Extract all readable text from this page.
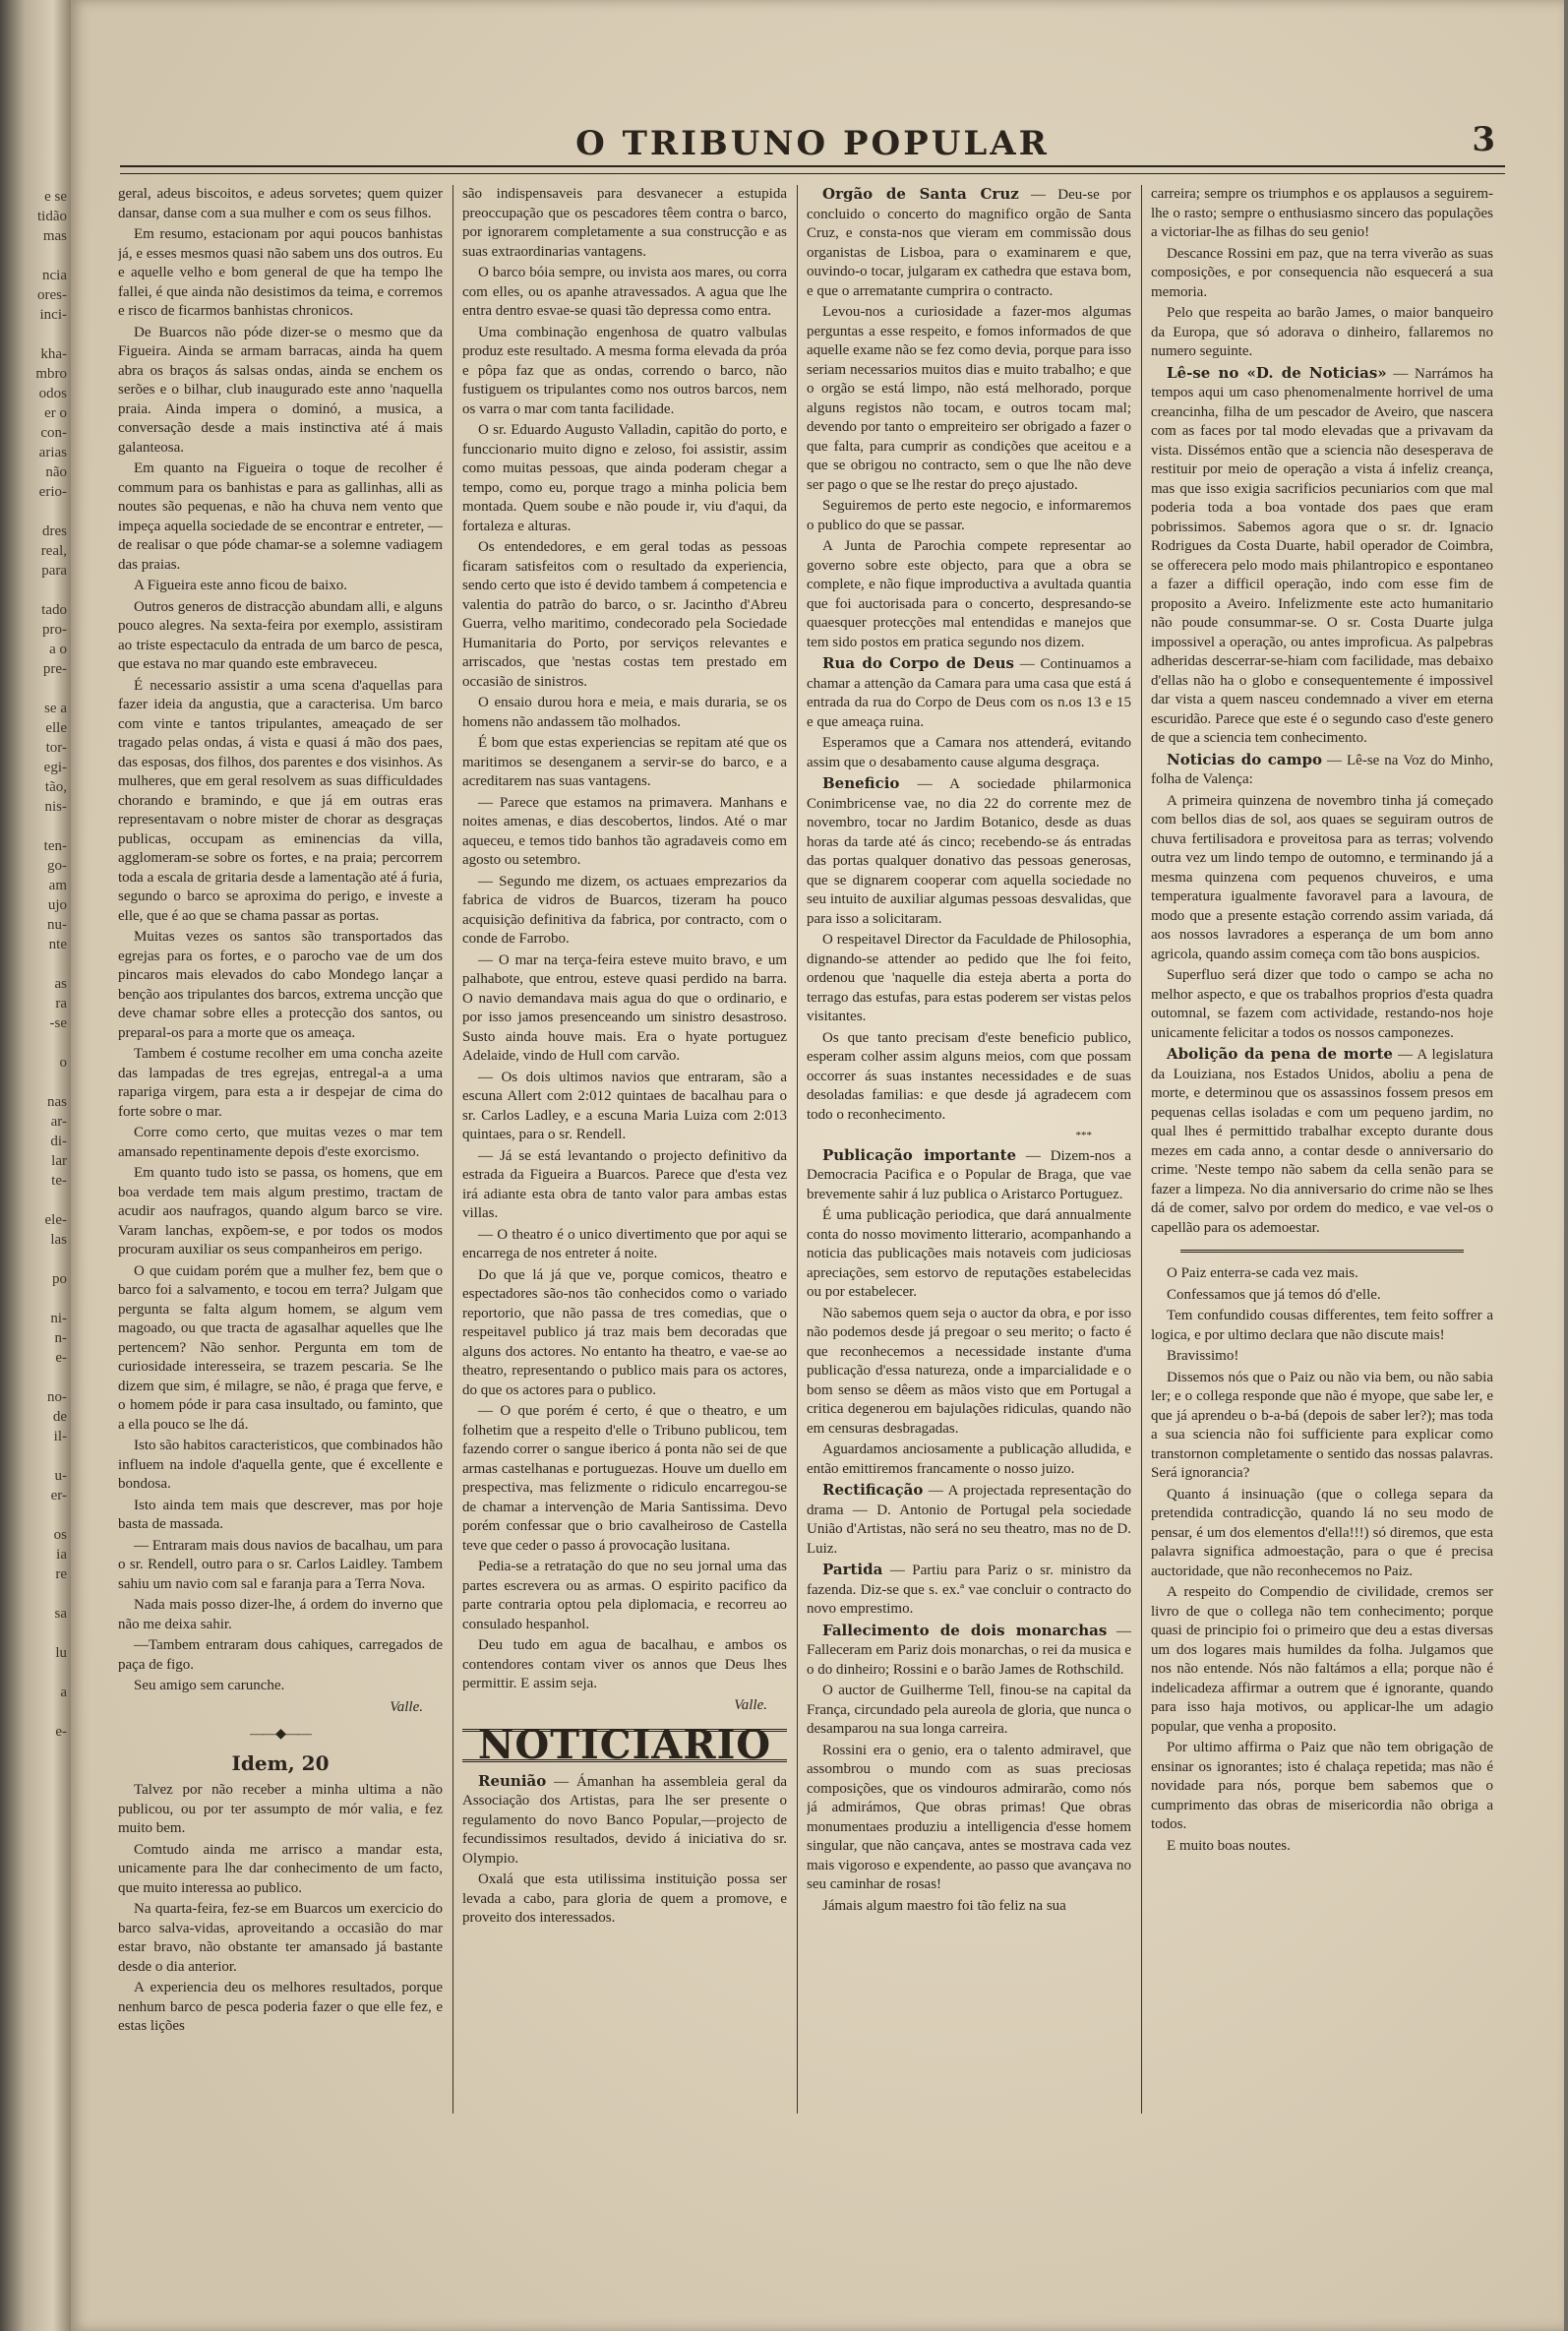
e se
tidão
mas

ncia
ores-
inci-

kha-
mbro
odos
er o
con-
arias
não
erio-

dres
real,
para

tado
pro-
a o
pre-

se a
elle
tor-
egi-
tão,
nis-

ten-
go-
am
ujo
nu-
nte

as
ra
-se

o

nas
ar-
di-
lar
te-

ele-
las

po

ni-
n-
e-

no-
de
il-

u-
er-

os
ia
re

sa

lu

a

e-
O TRIBUNO POPULAR	3

geral, adeus biscoitos, e adeus sorvetes; quem quizer dansar, danse com a sua mulher e com os seus filhos.

Em resumo, estacionam por aqui poucos banhistas já, e esses mesmos quasi não sabem uns dos outros. Eu e aquelle velho e bom general de que ha tempo lhe fallei, é que ainda não desistimos da teima, e corremos e risco de ficarmos banhistas chronicos.

De Buarcos não póde dizer-se o mesmo que da Figueira. Ainda se armam barracas, ainda ha quem abra os braços ás salsas ondas, ainda se enchem os serões e o bilhar, club inaugurado este anno 'naquella praia. Ainda impera o dominó, a musica, a conversação desde a mais instinctiva até á mais galanteosa.

Em quanto na Figueira o toque de recolher é commum para os banhistas e para as gallinhas, alli as noutes são pequenas, e não ha chuva nem vento que impeça aquella sociedade de se encontrar e entreter, — de realisar o que póde chamar-se a solemne vadiagem das praias.

A Figueira este anno ficou de baixo.

Outros generos de distracção abundam alli, e alguns pouco alegres. Na sexta-feira por exemplo, assistiram ao triste espectaculo da entrada de um barco de pesca, que estava no mar quando este embraveceu.

É necessario assistir a uma scena d'aquellas para fazer ideia da angustia, que a caracterisa. Um barco com vinte e tantos tripulantes, ameaçado de ser tragado pelas ondas, á vista e quasi á mão dos paes, das esposas, dos filhos, dos parentes e dos visinhos. As mulheres, que em geral resolvem as suas difficuldades chorando e bramindo, e que já em outras eras representavam o nobre mister de chorar as desgraças publicas, occupam as eminencias da villa, agglomeram-se sobre os fortes, e na praia; percorrem toda a escala de gritaria desde a lamentação até á furia, segundo o barco se aproxima do perigo, e investe a elle, que é ao que se chama passar as portas.

Muitas vezes os santos são transportados das egrejas para os fortes, e o parocho vae de um dos pincaros mais elevados do cabo Mondego lançar a benção aos tripulantes dos barcos, extrema uncção que deve chamar sobre elles a protecção dos santos, ou preparal-os para a morte que os ameaça.

Tambem é costume recolher em uma concha azeite das lampadas de tres egrejas, entregal-a a uma rapariga virgem, para esta a ir despejar de cima do forte sobre o mar.

Corre como certo, que muitas vezes o mar tem amansado repentinamente depois d'este exorcismo.

Em quanto tudo isto se passa, os homens, que em boa verdade tem mais algum prestimo, tractam de acudir aos naufragos, quando algum barco se vire. Varam lanchas, expõem-se, e por todos os modos procuram auxiliar os seus companheiros em perigo.

O que cuidam porém que a mulher fez, bem que o barco foi a salvamento, e tocou em terra? Julgam que pergunta se falta algum homem, se algum vem magoado, ou que tracta de agasalhar aquelles que lhe pertencem? Não senhor. Pergunta em tom de curiosidade interesseira, se trazem pescaria. Se lhe dizem que sim, é milagre, se não, é praga que ferve, e o homem póde ir para casa insultado, ou faminto, que a ella pouco se lhe dá.

Isto são habitos caracteristicos, que combinados hão influem na indole d'aquella gente, que é excellente e bondosa.

Isto ainda tem mais que descrever, mas por hoje basta de massada.

— Entraram mais dous navios de bacalhau, um para o sr. Rendell, outro para o sr. Carlos Laidley. Tambem sahiu um navio com sal e faranja para a Terra Nova.

Nada mais posso dizer-lhe, á ordem do inverno que não me deixa sahir.

—Tambem entraram dous cahiques, carregados de paça de figo.

Seu amigo sem carunche.

Valle.
——◆——
Idem, 20

Talvez por não receber a minha ultima a não publicou, ou por ter assumpto de mór valia, e fez muito bem.

Comtudo ainda me arrisco a mandar esta, unicamente para lhe dar conhecimento de um facto, que muito interessa ao publico.

Na quarta-feira, fez-se em Buarcos um exercicio do barco salva-vidas, aproveitando a occasião do mar estar bravo, não obstante ter amansado já bastante desde o dia anterior.

A experiencia deu os melhores resultados, porque nenhum barco de pesca poderia fazer o que elle fez, e estas lições

são indispensaveis para desvanecer a estupida preoccupação que os pescadores têem contra o barco, por ignorarem completamente a sua construcção e as suas extraordinarias vantagens.

O barco bóia sempre, ou invista aos mares, ou corra com elles, ou os apanhe atravessados. A agua que lhe entra dentro esvae-se quasi tão depressa como entra.

Uma combinação engenhosa de quatro valbulas produz este resultado. A mesma forma elevada da próa e pôpa faz que as ondas, correndo o barco, não fustiguem os tripulantes como nos outros barcos, nem os varra o mar com tanta facilidade.

O sr. Eduardo Augusto Valladin, capitão do porto, e funccionario muito digno e zeloso, foi assistir, assim como muitas pessoas, que ainda poderam chegar a tempo, como eu, porque trago a minha policia bem montada. Quem soube e não poude ir, viu d'aqui, da fortaleza e alturas.

Os entendedores, e em geral todas as pessoas ficaram satisfeitos com o resultado da experiencia, sendo certo que isto é devido tambem á competencia e valentia do patrão do barco, o sr. Jacintho d'Abreu Guerra, velho maritimo, condecorado pela Sociedade Humanitaria do Porto, por serviços relevantes e arriscados, que 'nestas costas tem prestado em occasião de sinistros.

O ensaio durou hora e meia, e mais duraria, se os homens não andassem tão molhados.

É bom que estas experiencias se repitam até que os maritimos se desenganem a servir-se do barco, e a acreditarem nas suas vantagens.

— Parece que estamos na primavera. Manhans e noites amenas, e dias descobertos, lindos. Até o mar aqueceu, e temos tido banhos tão agradaveis como em agosto ou setembro.

— Segundo me dizem, os actuaes emprezarios da fabrica de vidros de Buarcos, tizeram ha pouco acquisição definitiva da fabrica, por contracto, com o conde de Farrobo.

— O mar na terça-feira esteve muito bravo, e um palhabote, que entrou, esteve quasi perdido na barra. O navio demandava mais agua do que o ordinario, e por isso jamos presenceando um sinistro desastroso. Susto ainda houve mais. Era o hyate portuguez Adelaide, vindo de Hull com carvão.

— Os dois ultimos navios que entraram, são a escuna Allert com 2:012 quintaes de bacalhau para o sr. Carlos Ladley, e a escuna Maria Luiza com 2:013 quintaes, para o sr. Rendell.

— Já se está levantando o projecto definitivo da estrada da Figueira a Buarcos. Parece que d'esta vez irá adiante esta obra de tanto valor para ambas estas villas.

— O theatro é o unico divertimento que por aqui se encarrega de nos entreter á noite.

Do que lá já que ve, porque comicos, theatro e espectadores são-nos tão conhecidos como o variado reportorio, que não passa de tres comedias, que o respeitavel publico já traz mais bem decoradas que alguns dos actores. No entanto ha theatro, e vae-se ao theatro, representando o publico mais para os actores, do que os actores para o publico.

— O que porém é certo, é que o theatro, e um folhetim que a respeito d'elle o Tribuno publicou, tem fazendo correr o sangue iberico á ponta não sei de que armas castelhanas e portuguezas. Houve um duello em prespectiva, mas felizmente o ridiculo encarregou-se de chamar a intervenção de Maria Santissima. Devo porém confessar que o brio cavalheiroso de Castella teve que ceder o passo á provocação lusitana.

Pedia-se a retratação do que no seu jornal uma das partes escrevera ou as armas. O espirito pacifico da parte contraria optou pela diplomacia, e recorreu ao consulado hespanhol.

Deu tudo em agua de bacalhau, e ambos os contendores contam viver os annos que Deus lhes permittir. E assim seja.

Valle.
NOTICIARIO

Reunião — Ámanhan ha assembleia geral da Associação dos Artistas, para lhe ser presente o regulamento do novo Banco Popular,—projecto de fecundissimos resultados, devido á iniciativa do sr. Olympio.

Oxalá que esta utilissima instituição possa ser levada a cabo, para gloria de quem a promove, e proveito dos interessados.

Orgão de Santa Cruz — Deu-se por concluido o concerto do magnifico orgão de Santa Cruz, e consta-nos que vieram em commissão dous organistas de Lisboa, para o examinarem e que, ouvindo-o tocar, julgaram ex cathedra que estava bom, e que o arrematante cumprira o contracto.

Levou-nos a curiosidade a fazer-mos algumas perguntas a esse respeito, e fomos informados de que aquelle exame não se fez como devia, porque para isso seriam necessarios muitos dias e muito trabalho; e que o orgão se está limpo, não está melhorado, porque alguns registos não tocam, e outros tocam mal; devendo por tanto o empreiteiro ser obrigado a fazer o que falta, para cumprir as condições que aceitou e a que se obrigou no contracto, sem o que lhe não deve ser pago o que se lhe restar do preço ajustado.

Seguiremos de perto este negocio, e informaremos o publico do que se passar.

A Junta de Parochia compete representar ao governo sobre este objecto, para que a obra se complete, e não fique improductiva a avultada quantia que foi auctorisada para o concerto, despresando-se quaesquer protecções mal entendidas e manejos que tem sido postos em pratica segundo nos dizem.

Rua do Corpo de Deus — Continuamos a chamar a attenção da Camara para uma casa que está á entrada da rua do Corpo de Deus com os n.os 13 e 15 e que ameaça ruina.

Esperamos que a Camara nos attenderá, evitando assim que o desabamento cause alguma desgraça.

Beneficio — A sociedade philarmonica Conimbricense vae, no dia 22 do corrente mez de novembro, tocar no Jardim Botanico, desde as duas horas da tarde até ás cinco; recebendo-se ás entradas das portas qualquer donativo das pessoas generosas, que se dignarem cooperar com aquella sociedade no seu intuito de auxiliar algumas pessoas desvalidas, que para isso a solicitaram.

O respeitavel Director da Faculdade de Philosophia, dignando-se attender ao pedido que lhe foi feito, ordenou que 'naquelle dia esteja aberta a porta do terrago das estufas, para estas poderem ser vistas pelos visitantes.

Os que tanto precisam d'este beneficio publico, esperam colher assim alguns meios, com que possam occorrer ás suas instantes necessidades e de suas desoladas familias: e que desde já agradecem com todo o reconhecimento.

***

Publicação importante — Dizem-nos a Democracia Pacifica e o Popular de Braga, que vae brevemente sahir á luz publica o Aristarco Portuguez.

É uma publicação periodica, que dará annualmente conta do nosso movimento litterario, acompanhando a noticia das publicações mais notaveis com judiciosas apreciações, sem estorvo de reputações estabelecidas ou por estabelecer.

Não sabemos quem seja o auctor da obra, e por isso não podemos desde já pregoar o seu merito; o facto é que reconhecemos a necessidade instante d'uma publicação d'essa natureza, onde a imparcialidade e o bom senso se dêem as mãos visto que em Portugal a critica degenerou em bajulações ridiculas, quando não em censuras desbragadas.

Aguardamos anciosamente a publicação alludida, e então emittiremos francamente o nosso juizo.

Rectificação — A projectada representação do drama — D. Antonio de Portugal pela sociedade União d'Artistas, não será no seu theatro, mas no de D. Luiz.

Partida — Partiu para Pariz o sr. ministro da fazenda. Diz-se que s. ex.ª vae concluir o contracto do novo emprestimo.

Fallecimento de dois monarchas — Falleceram em Pariz dois monarchas, o rei da musica e o do dinheiro; Rossini e o barão James de Rothschild.

O auctor de Guilherme Tell, finou-se na capital da França, circundado pela aureola de gloria, que nunca o desamparou na sua longa carreira.

Rossini era o genio, era o talento admiravel, que assombrou o mundo com as suas preciosas composições, que os vindouros admirarão, como nós já admirámos, Que obras primas! Que obras monumentaes produziu a intelligencia d'esse homem singular, que não cançava, antes se mostrava cada vez mais vigoroso e expendente, ao passo que avançava no seu caminhar de rosas!

Jámais algum maestro foi tão feliz na sua

carreira; sempre os triumphos e os applausos a seguirem-lhe o rasto; sempre o enthusiasmo sincero das populações a victoriar-lhe as filhas do seu genio!

Descance Rossini em paz, que na terra viverão as suas composições, e por consequencia não esquecerá a sua memoria.

Pelo que respeita ao barão James, o maior banqueiro da Europa, que só adorava o dinheiro, fallaremos no numero seguinte.

Lê-se no «D. de Noticias» — Narrámos ha tempos aqui um caso phenomenalmente horrivel de uma creancinha, filha de um pescador de Aveiro, que nascera com as faces por tal modo elevadas que a privavam da vista. Dissémos então que a sciencia não desesperava de restituir por meio de operação a vista á infeliz creança, mas que isso exigia sacrificios pecuniarios com que mal poderia toda a boa vontade dos paes que eram pobrissimos. Sabemos agora que o sr. dr. Ignacio Rodrigues da Costa Duarte, habil operador de Coimbra, se offerecera pelo modo mais philantropico e espontaneo a fazer a difficil operação, indo com esse fim de proposito a Aveiro. Infelizmente este acto humanitario não poude consummar-se. O sr. Costa Duarte julga impossivel a operação, ou antes improficua. As palpebras adheridas descerrar-se-hiam com facilidade, mas debaixo d'ellas não ha o globo e consequentemente é impossivel dar vista a quem nasceu condemnado a viver em eterna escuridão. Parece que este é o segundo caso d'este genero de que a sciencia tem conhecimento.

Noticias do campo — Lê-se na Voz do Minho, folha de Valença:

A primeira quinzena de novembro tinha já começado com bellos dias de sol, aos quaes se seguiram outros de chuva fertilisadora e proveitosa para as terras; volvendo outra vez um lindo tempo de outomno, e terminando já a mesma quinzena com pequenos chuveiros, e uma temperatura igualmente favoravel para a lavoura, de modo que a presente estação correndo assim variada, dá aos nossos lavradores a esperança de um bom anno agricola, quando assim começa com tão bons auspicios.

Superfluo será dizer que todo o campo se acha no melhor aspecto, e que os trabalhos proprios d'esta quadra outomnal, se fazem com actividade, restando-nos hoje unicamente felicitar a todos os nossos camponezes.

Abolição da pena de morte — A legislatura da Louiziana, nos Estados Unidos, aboliu a pena de morte, e determinou que os assassinos fossem presos em pequenas cellas isoladas e com um pequeno jardim, no qual lhes é permittido trabalhar excepto durante dous mezes em cada anno, a contar desde o anniversario do crime. 'Neste tempo não sabem da cella senão para se fazer a limpeza. No dia anniversario do crime não se lhes dá de comer, salvo por ordem do medico, e vae vel-os o capellão para os ademoestar.

O Paiz enterra-se cada vez mais.

Confessamos que já temos dó d'elle.

Tem confundido cousas differentes, tem feito soffrer a logica, e por ultimo declara que não discute mais!

Bravissimo!

Dissemos nós que o Paiz ou não via bem, ou não sabia ler; e o collega responde que não é myope, que sabe ler, e que já aprendeu o b-a-bá (depois de saber ler?); mas toda a sua sciencia não foi sufficiente para explicar como transtornon completamente o sentido das nossas palavras. Será ignorancia?

Quanto á insinuação (que o collega separa da pretendida contradicção, quando lá no seu modo de pensar, é um dos elementos d'ella!!!) só diremos, que esta palavra significa admoestação, para o que é precisa auctoridade, que não reconhecemos no Paiz.

A respeito do Compendio de civilidade, cremos ser livro de que o collega não tem conhecimento; porque quasi de principio foi o primeiro que deu a estas diversas um dos logares mais humildes da folha. Julgamos que nos não entende. Nós não faltámos a ella; porque não é indelicadeza affirmar a outrem que é ignorante, quando para isso haja motivos, ou applicar-lhe um adagio popular, que venha a proposito.

Por ultimo affirma o Paiz que não tem obrigação de ensinar os ignorantes; isto é chalaça repetida; mas não é novidade para nós, porque bem sabemos que o cumprimento das obras de misericordia não obriga a todos.

E muito boas noutes.
